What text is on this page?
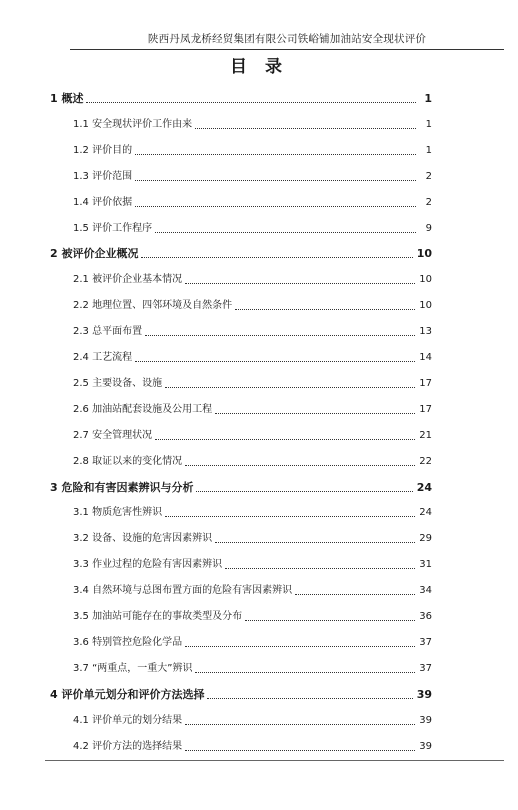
陕西丹凤龙桥经贸集团有限公司铁峪铺加油站安全现状评价
目 录
1 概述	1
1.1 安全现状评价工作由来	1
1.2 评价目的	1
1.3 评价范围	2
1.4 评价依据	2
1.5 评价工作程序	9
2 被评价企业概况	10
2.1 被评价企业基本情况	10
2.2 地理位置、四邻环境及自然条件	10
2.3 总平面布置	13
2.4 工艺流程	14
2.5 主要设备、设施	17
2.6 加油站配套设施及公用工程	17
2.7 安全管理状况	21
2.8 取证以来的变化情况	22
3 危险和有害因素辨识与分析	24
3.1 物质危害性辨识	24
3.2 设备、设施的危害因素辨识	29
3.3 作业过程的危险有害因素辨识	31
3.4 自然环境与总图布置方面的危险有害因素辨识	34
3.5 加油站可能存在的事故类型及分布	36
3.6 特别管控危险化学品	37
3.7 “两重点，一重大”辨识	37
4 评价单元划分和评价方法选择	39
4.1 评价单元的划分结果	39
4.2 评价方法的选择结果	39
